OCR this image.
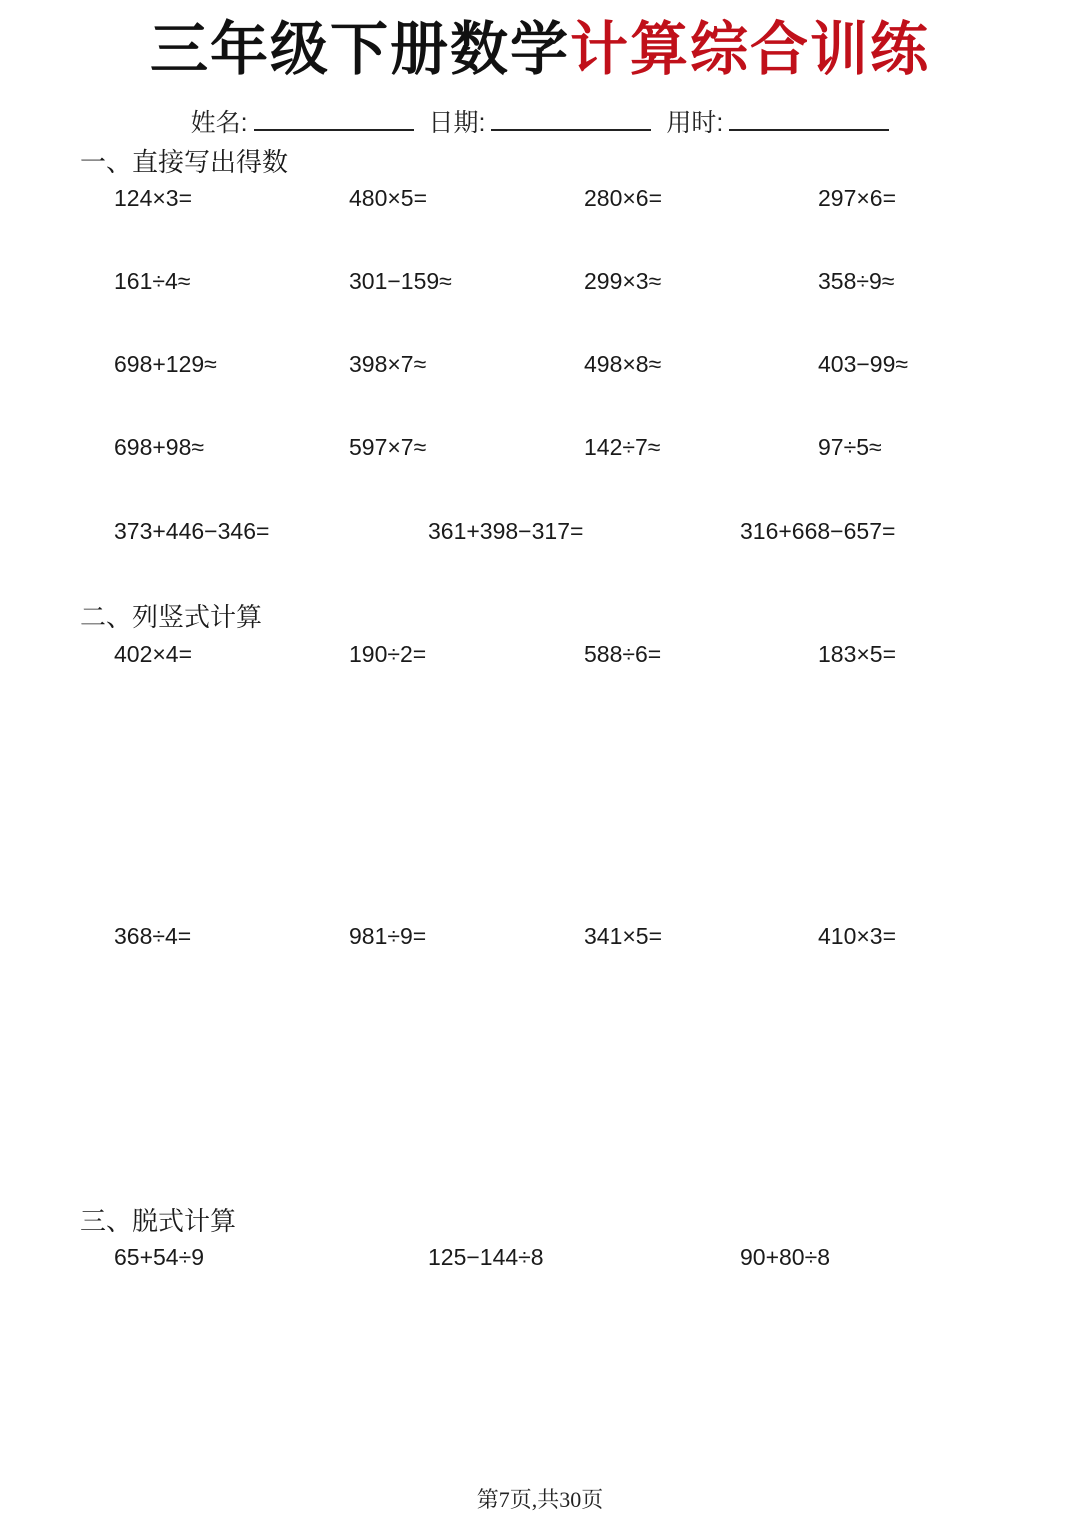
三年级下册数学计算综合训练
姓名:	日期:	用时:
一、直接写出得数
124×3=	480×5=	280×6=	297×6=
161÷4≈	301−159≈	299×3≈	358÷9≈
698+129≈	398×7≈	498×8≈	403−99≈
698+98≈	597×7≈	142÷7≈	97÷5≈
373+446−346=	361+398−317=	316+668−657=
二、列竖式计算
402×4=	190÷2=	588÷6=	183×5=
368÷4=	981÷9=	341×5=	410×3=
三、脱式计算
65+54÷9	125−144÷8	90+80÷8
第7页,共30页
